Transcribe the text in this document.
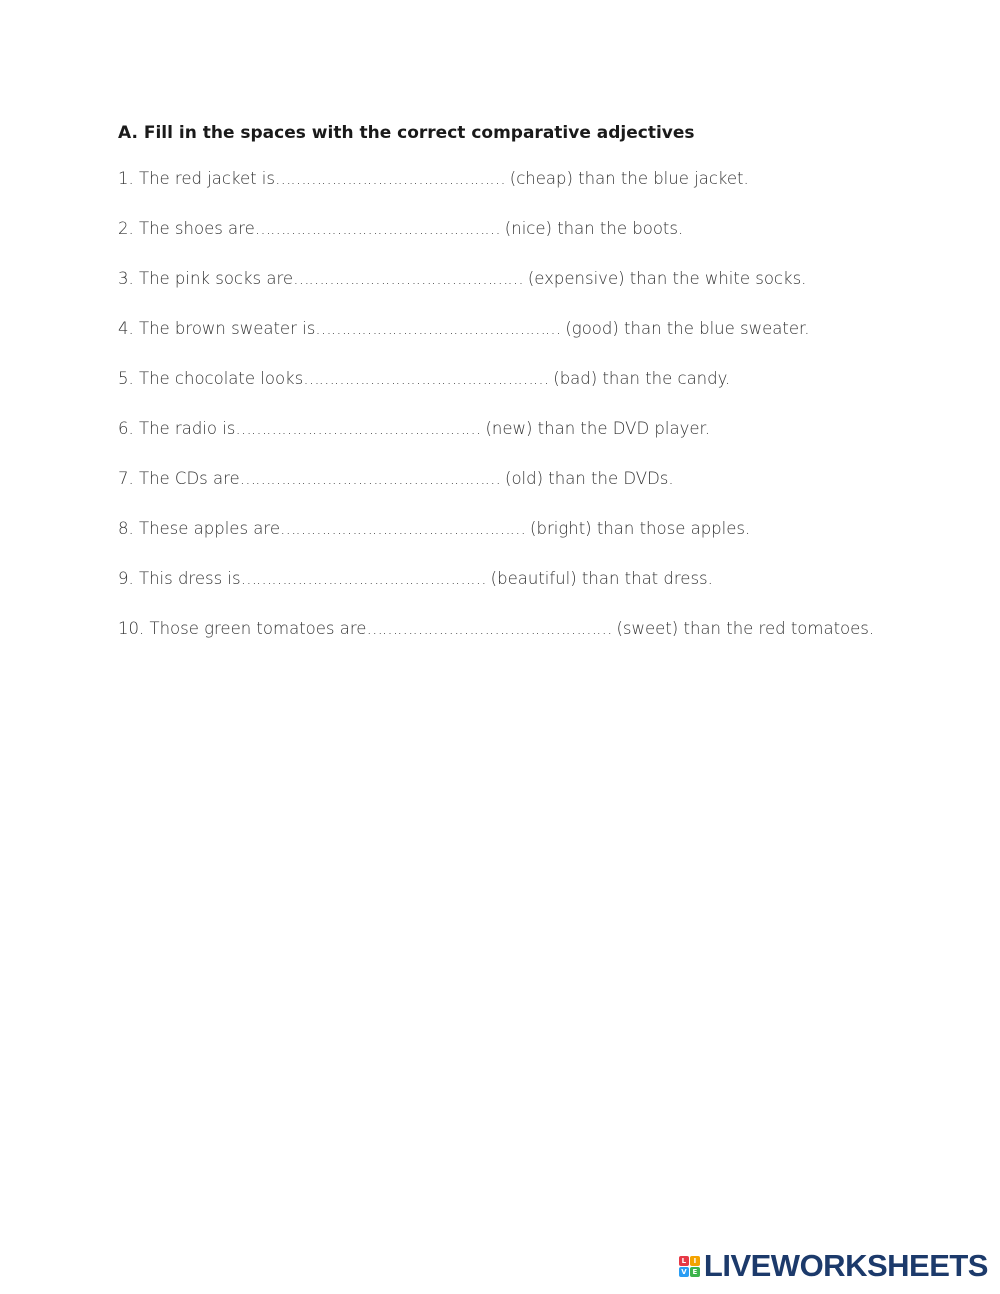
A. Fill in the spaces with the correct comparative adjectives
1. The red jacket is……………………………………… (cheap) than the blue jacket.
2. The shoes are………………………………………… (nice) than the boots.
3. The pink socks are……………………………………… (expensive) than the white socks.
4. The brown sweater is………………………………………… (good) than the blue sweater.
5. The chocolate looks………………………………………… (bad) than the candy.
6. The radio is………………………………………… (new) than the DVD player.
7. The CDs are…………………………………………… (old) than the DVDs.
8. These apples are………………………………………… (bright) than those apples.
9. This dress is………………………………………… (beautiful) than that dress.
10. Those green tomatoes are………………………………………… (sweet) than the red tomatoes.
L	I
V E LIVEWORKSHEETS
